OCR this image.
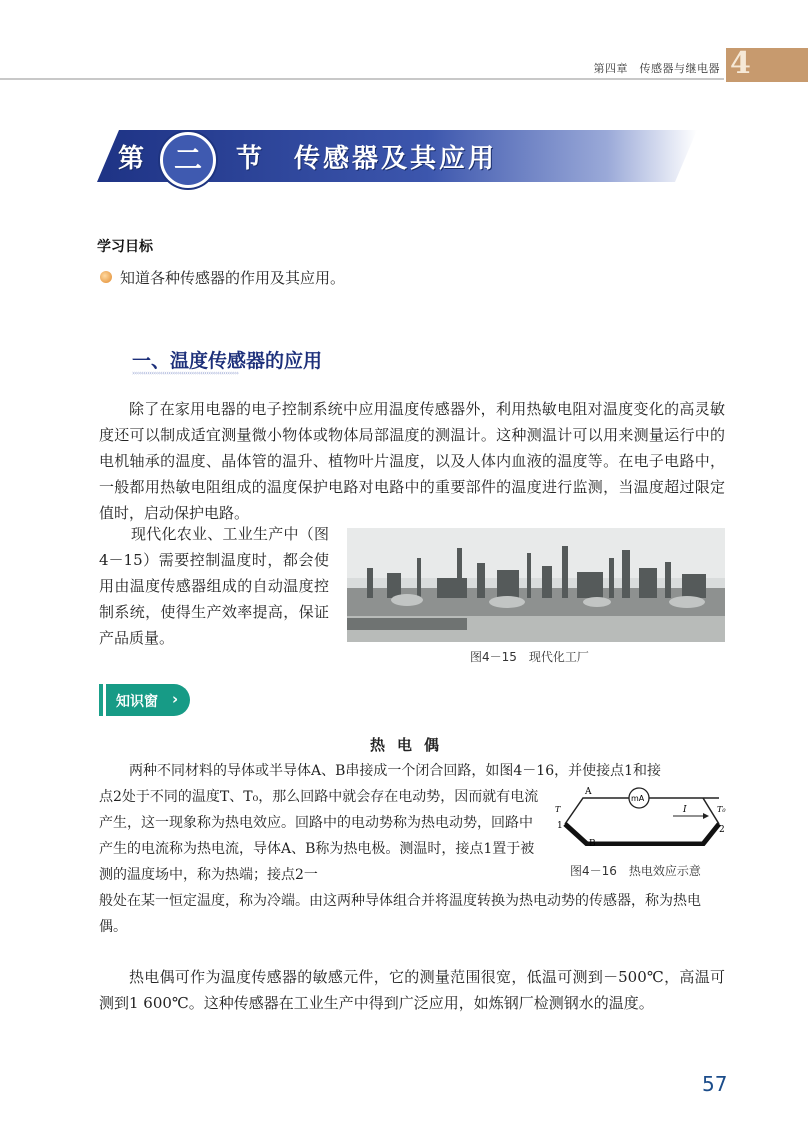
第四章　传感器与继电器 4
第 二	节　 传感器及其应用
学习目标
知道各种传感器的作用及其应用。
一、温度传感器的应用
››››››››››››››››››››››››››››››››››››››››››››››››››››››››
除了在家用电器的电子控制系统中应用温度传感器外，利用热敏电阻对温度变化的高灵敏度还可以制成适宜测量微小物体或物体局部温度的测温计。这种测温计可以用来测量运行中的电机轴承的温度、晶体管的温升、植物叶片温度，以及人体内血液的温度等。在电子电路中，一般都用热敏电阻组成的温度保护电路对电路中的重要部件的温度进行监测，当温度超过限定值时，启动保护电路。
现代化农业、工业生产中（图4－15）需要控制温度时，都会使用由温度传感器组成的自动温度控制系统，使得生产效率提高，保证产品质量。
图4－15　现代化工厂
知识窗 ›
热电偶
两种不同材料的导体或半导体A、B串接成一个闭合回路，如图4－16，并使接点1和接
点2处于不同的温度T、T₀，那么回路中就会存在电动势，因而就有电流产生，这一现象称为热电效应。回路中的电动势称为热电动势，回路中产生的电流称为热电流，导体A、B称为热电极。测温时，接点1置于被测的温度场中，称为热端；接点2一
般处在某一恒定温度，称为冷端。由这两种导体组合并将温度转换为热电动势的传感器，称为热电偶。
A
B
mA
I
T	T₀
1	2
图4－16　热电效应示意
热电偶可作为温度传感器的敏感元件，它的测量范围很宽，低温可测到－500℃，高温可测到1 600℃。这种传感器在工业生产中得到广泛应用，如炼钢厂检测钢水的温度。
57
